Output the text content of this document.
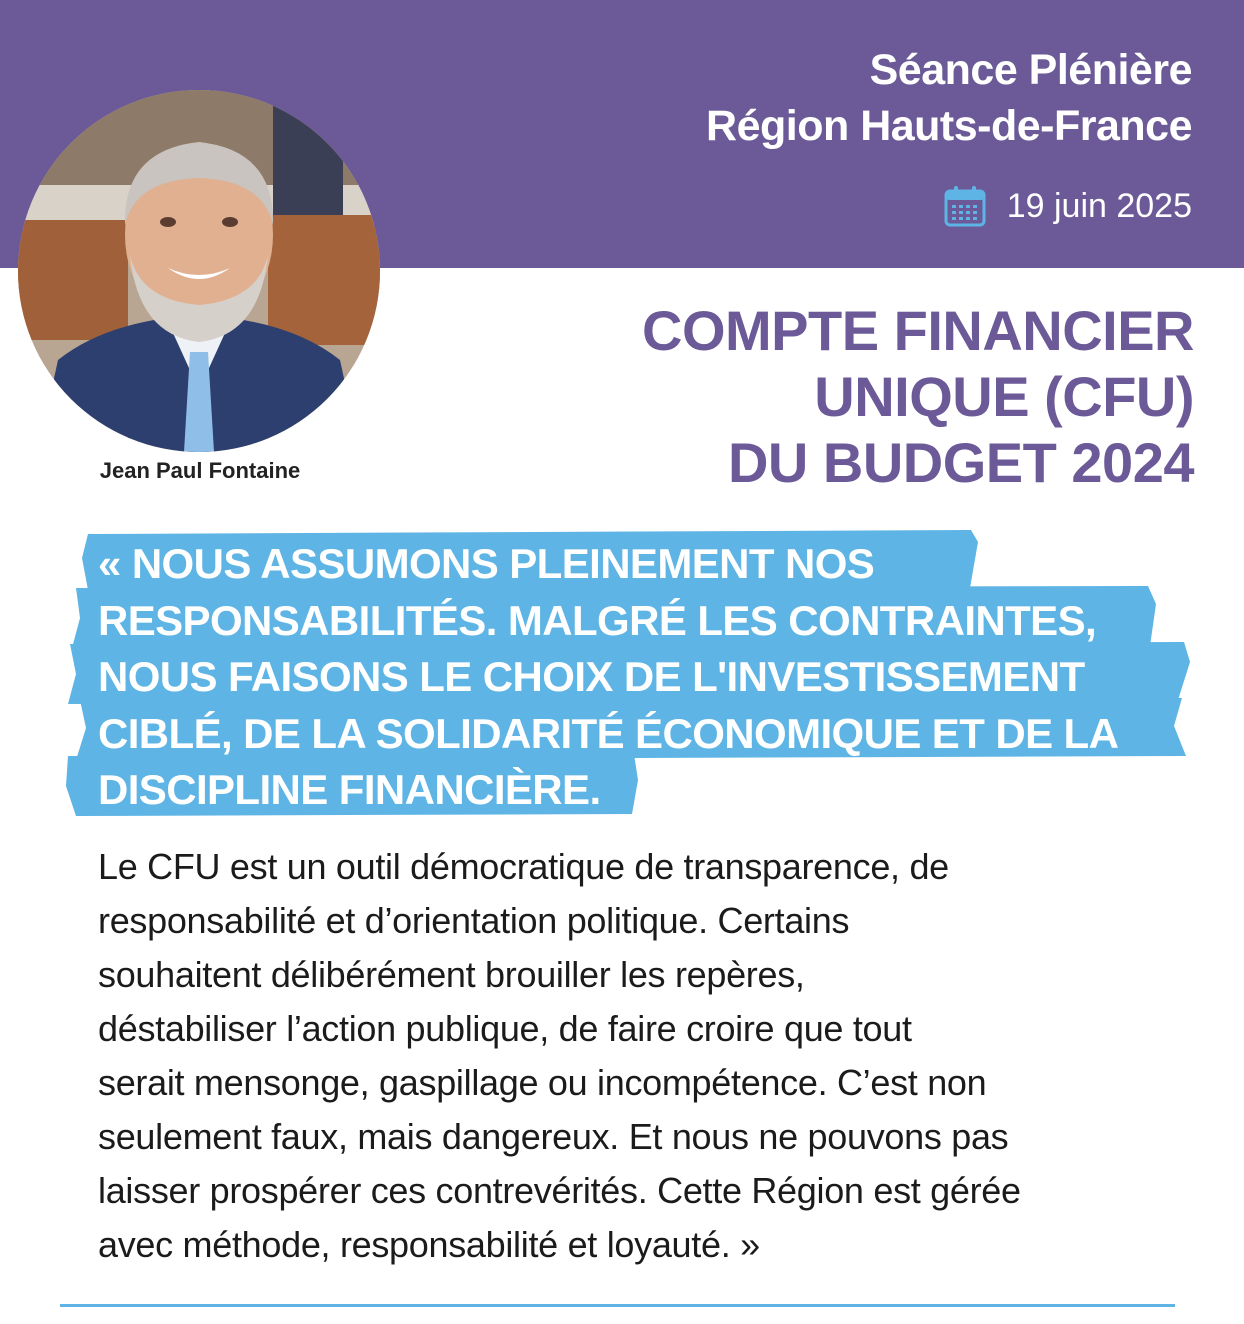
Séance Plénière
Région Hauts-de-France
19 juin 2025
Jean Paul Fontaine
COMPTE FINANCIER
UNIQUE (CFU)
DU BUDGET 2024
« NOUS ASSUMONS PLEINEMENT NOS
RESPONSABILITÉS. MALGRÉ LES CONTRAINTES,
NOUS FAISONS LE CHOIX DE L'INVESTISSEMENT
CIBLÉ, DE LA SOLIDARITÉ ÉCONOMIQUE ET DE LA
DISCIPLINE FINANCIÈRE.
Le CFU est un outil démocratique de transparence, de
responsabilité et d’orientation politique. Certains
souhaitent délibérément brouiller les repères,
déstabiliser l’action publique, de faire croire que tout
serait mensonge, gaspillage ou incompétence. C’est non
seulement faux, mais dangereux. Et nous ne pouvons pas
laisser prospérer ces contrevérités. Cette Région est gérée
avec méthode, responsabilité et loyauté. »
